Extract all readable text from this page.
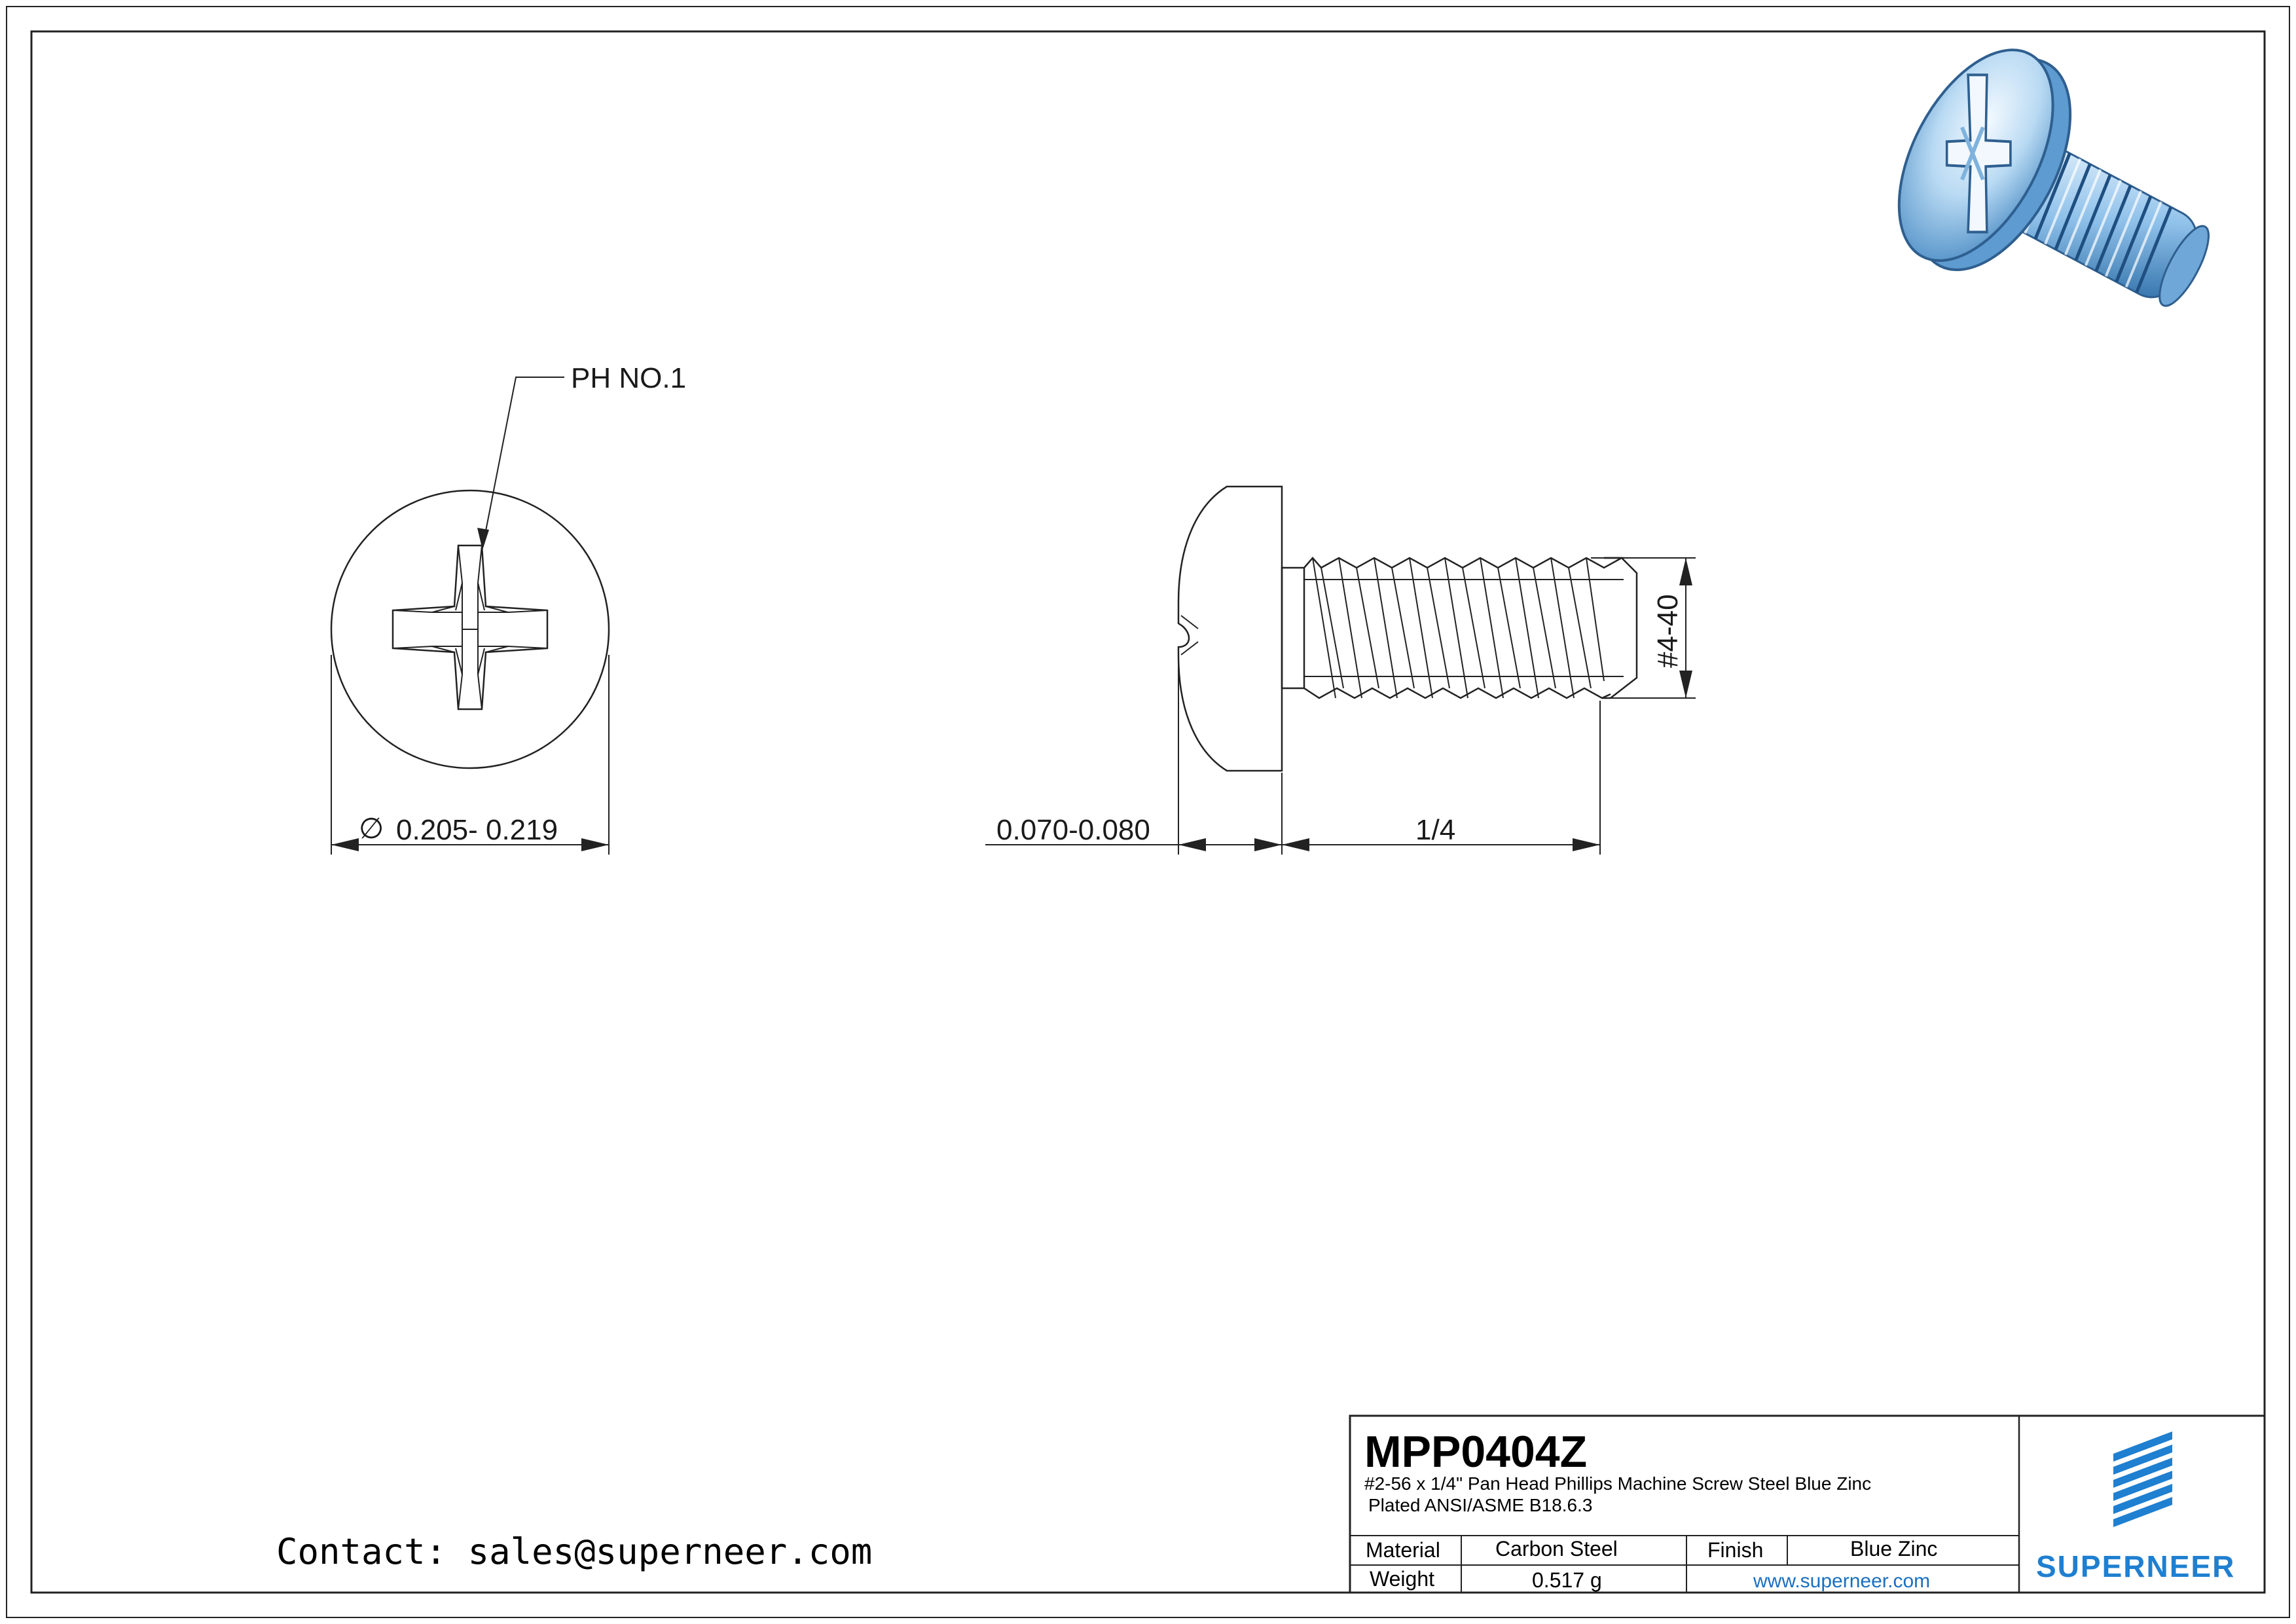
PH NO.1
∅ 0.205- 0.219
#4-40
0.070-0.080	1/4
Contact: sales@superneer.com
MPP0404Z
#2-56 x 1/4" Pan Head Phillips Machine Screw Steel Blue Zinc
Plated ANSI/ASME B18.6.3
Material	Carbon Steel	Finish	Blue Zinc
Weight	0.517 g	www.superneer.com	SUPERNEER
